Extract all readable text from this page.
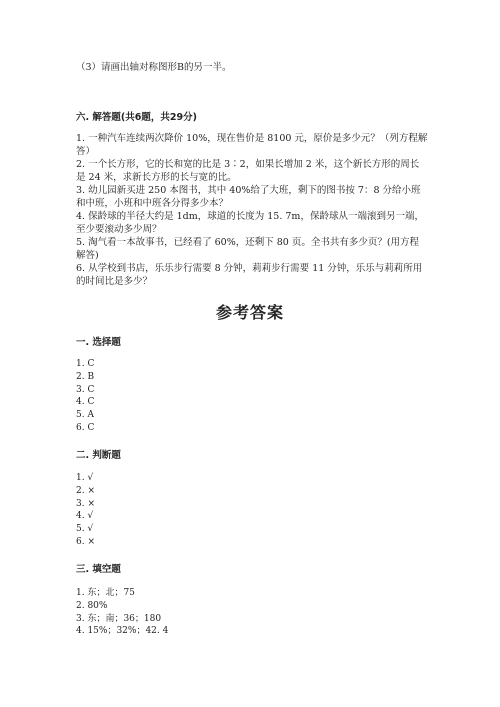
（3）请画出轴对称图形B的另一半。
六. 解答题(共6题，共29分)
1. 一种汽车连续两次降价 10%，现在售价是 8100 元，原价是多少元？（列方程解答）
2. 一个长方形，它的长和宽的比是 3∶2，如果长增加 2 米，这个新长方形的周长是 24 米，求新长方形的长与宽的比。
3. 幼儿园新买进 250 本图书，其中 40%给了大班，剩下的图书按 7：8 分给小班和中班，小班和中班各分得多少本？
4. 保龄球的半径大约是 1dm，球道的长度为 15. 7m，保龄球从一端滚到另一端，至少要滚动多少周？
5. 淘气看一本故事书，已经看了 60%，还剩下 80 页。全书共有多少页？(用方程解答)
6. 从学校到书店，乐乐步行需要 8 分钟，莉莉步行需要 11 分钟，乐乐与莉莉所用的时间比是多少？
参考答案
一. 选择题
1. C
2. B
3. C
4. C
5. A
6. C
二. 判断题
1. √
2. ×
3. ×
4. √
5. √
6. ×
三. 填空题
1. 东；北；75
2. 80%
3. 东；南；36；180
4. 15%；32%；42. 4
